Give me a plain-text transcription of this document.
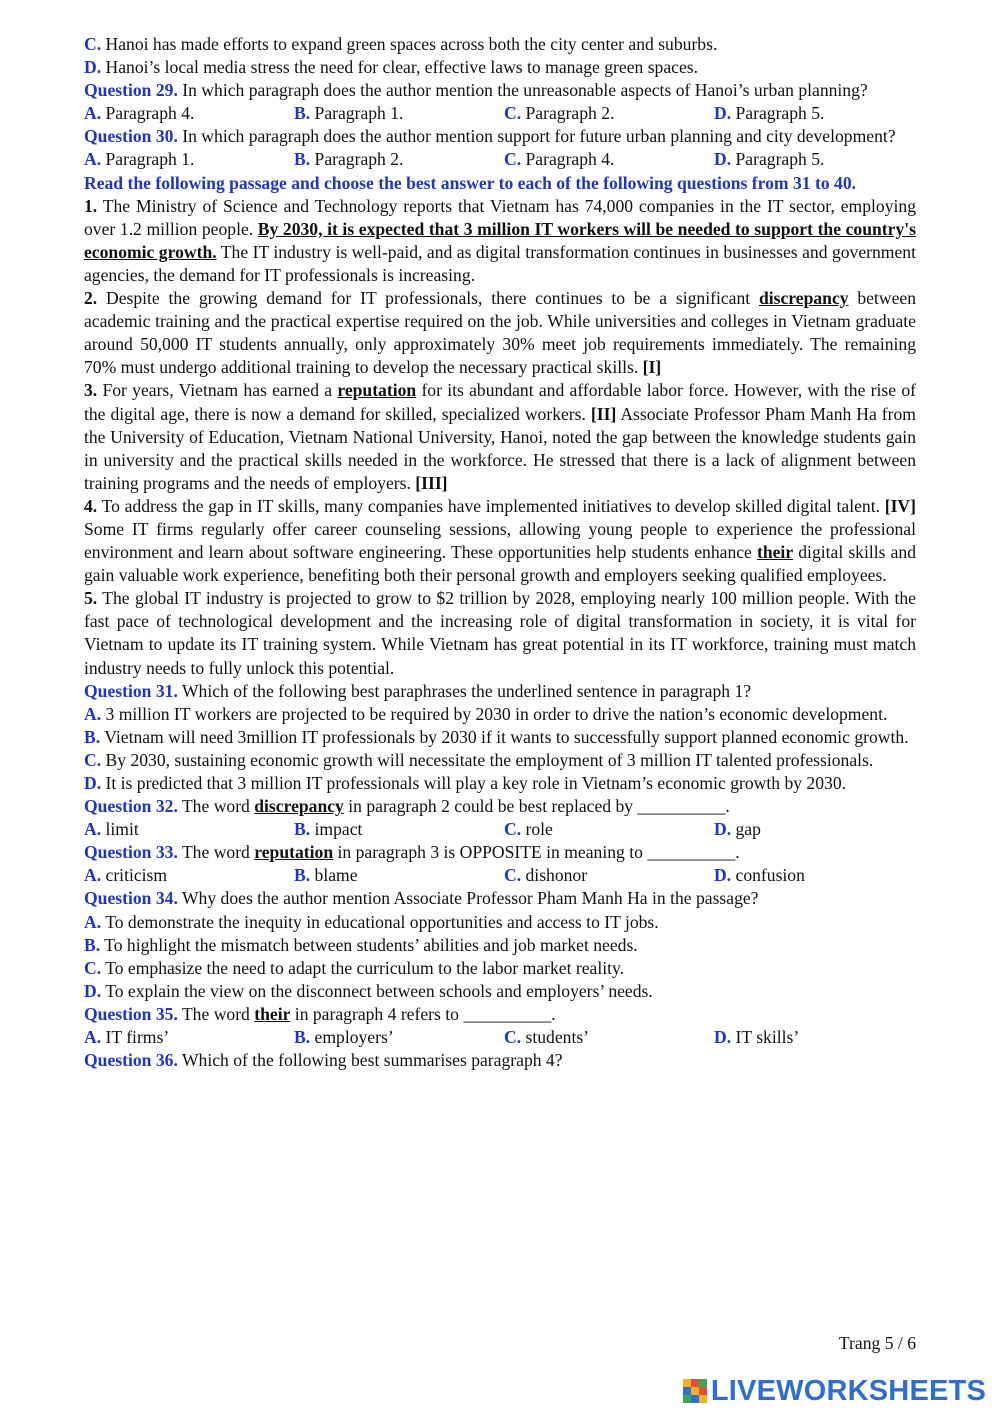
C. Hanoi has made efforts to expand green spaces across both the city center and suburbs.

D. Hanoi’s local media stress the need for clear, effective laws to manage green spaces.

Question 29. In which paragraph does the author mention the unreasonable aspects of Hanoi’s urban planning?

A. Paragraph 4.	B. Paragraph 1.	C. Paragraph 2.	D. Paragraph 5.

Question 30. In which paragraph does the author mention support for future urban planning and city development?

A. Paragraph 1.	B. Paragraph 2.	C. Paragraph 4.	D. Paragraph 5.

Read the following passage and choose the best answer to each of the following questions from 31 to 40.

1. The Ministry of Science and Technology reports that Vietnam has 74,000 companies in the IT sector, employing over 1.2 million people. By 2030, it is expected that 3 million IT workers will be needed to support the country's economic growth. The IT industry is well-paid, and as digital transformation continues in businesses and government agencies, the demand for IT professionals is increasing.

2. Despite the growing demand for IT professionals, there continues to be a significant discrepancy between academic training and the practical expertise required on the job. While universities and colleges in Vietnam graduate around 50,000 IT students annually, only approximately 30% meet job requirements immediately. The remaining 70% must undergo additional training to develop the necessary practical skills. [I]

3. For years, Vietnam has earned a reputation for its abundant and affordable labor force. However, with the rise of the digital age, there is now a demand for skilled, specialized workers. [II] Associate Professor Pham Manh Ha from the University of Education, Vietnam National University, Hanoi, noted the gap between the knowledge students gain in university and the practical skills needed in the workforce. He stressed that there is a lack of alignment between training programs and the needs of employers. [III]

4. To address the gap in IT skills, many companies have implemented initiatives to develop skilled digital talent. [IV] Some IT firms regularly offer career counseling sessions, allowing young people to experience the professional environment and learn about software engineering. These opportunities help students enhance their digital skills and gain valuable work experience, benefiting both their personal growth and employers seeking qualified employees.

5. The global IT industry is projected to grow to $2 trillion by 2028, employing nearly 100 million people. With the fast pace of technological development and the increasing role of digital transformation in society, it is vital for Vietnam to update its IT training system. While Vietnam has great potential in its IT workforce, training must match industry needs to fully unlock this potential.

Question 31. Which of the following best paraphrases the underlined sentence in paragraph 1?

A. 3 million IT workers are projected to be required by 2030 in order to drive the nation’s economic development.

B. Vietnam will need 3million IT professionals by 2030 if it wants to successfully support planned economic growth.

C. By 2030, sustaining economic growth will necessitate the employment of 3 million IT talented professionals.

D. It is predicted that 3 million IT professionals will play a key role in Vietnam’s economic growth by 2030.

Question 32. The word discrepancy in paragraph 2 could be best replaced by __________.

A. limit	B. impact	C. role	D. gap

Question 33. The word reputation in paragraph 3 is OPPOSITE in meaning to __________.

A. criticism	B. blame	C. dishonor	D. confusion

Question 34. Why does the author mention Associate Professor Pham Manh Ha in the passage?

A. To demonstrate the inequity in educational opportunities and access to IT jobs.

B. To highlight the mismatch between students’ abilities and job market needs.

C. To emphasize the need to adapt the curriculum to the labor market reality.

D. To explain the view on the disconnect between schools and employers’ needs.

Question 35. The word their in paragraph 4 refers to __________.

A. IT firms’	B. employers’	C. students’	D. IT skills’

Question 36. Which of the following best summarises paragraph 4?

Trang 5 / 6
LIVEWORKSHEETS
